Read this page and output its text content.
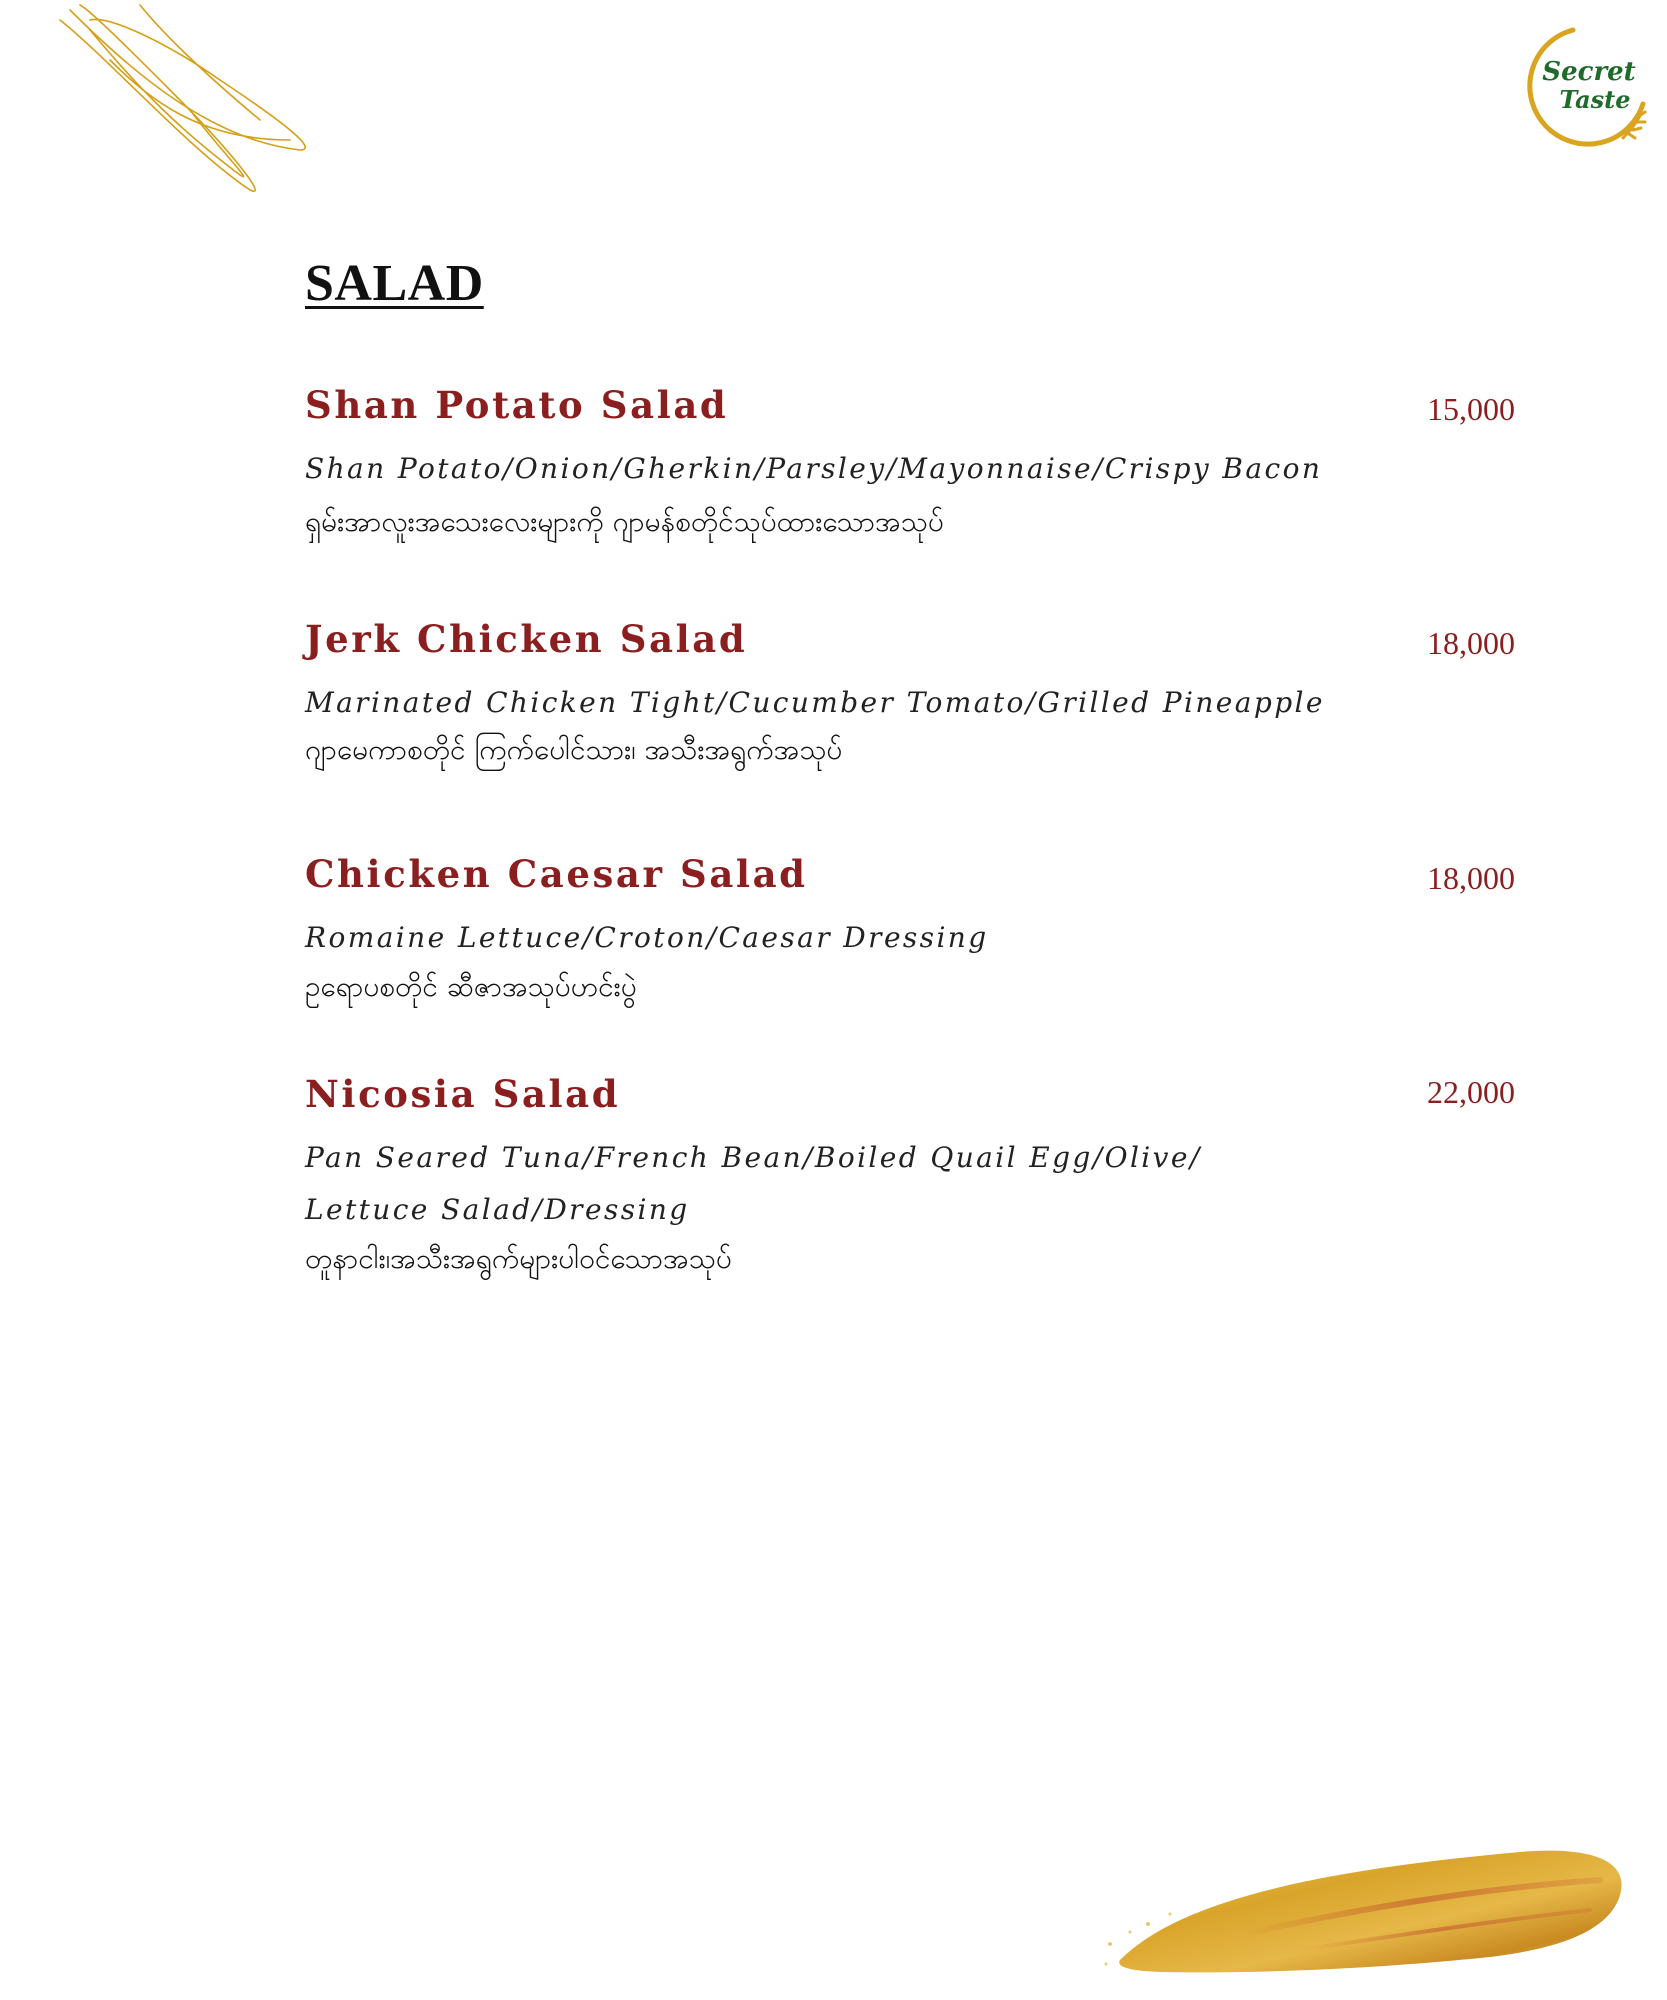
Secret
Taste
SALAD
Shan Potato Salad	15,000
Shan Potato/Onion/Gherkin/Parsley/Mayonnaise/Crispy Bacon
ရှမ်းအာလူးအသေးလေးများကို ဂျာမန်စတိုင်သုပ်ထားသောအသုပ်
Jerk Chicken Salad	18,000
Marinated Chicken Tight/Cucumber Tomato/Grilled Pineapple
ဂျာမေကာစတိုင် ကြက်ပေါင်သား၊ အသီးအရွက်အသုပ်
Chicken Caesar Salad	18,000
Romaine Lettuce/Croton/Caesar Dressing
ဥရောပစတိုင် ဆီဇာအသုပ်ဟင်းပွဲ
Nicosia Salad	22,000
Pan Seared Tuna/French Bean/Boiled Quail Egg/Olive/
Lettuce Salad/Dressing
တူနာငါး၊အသီးအရွက်များပါဝင်သောအသုပ်
